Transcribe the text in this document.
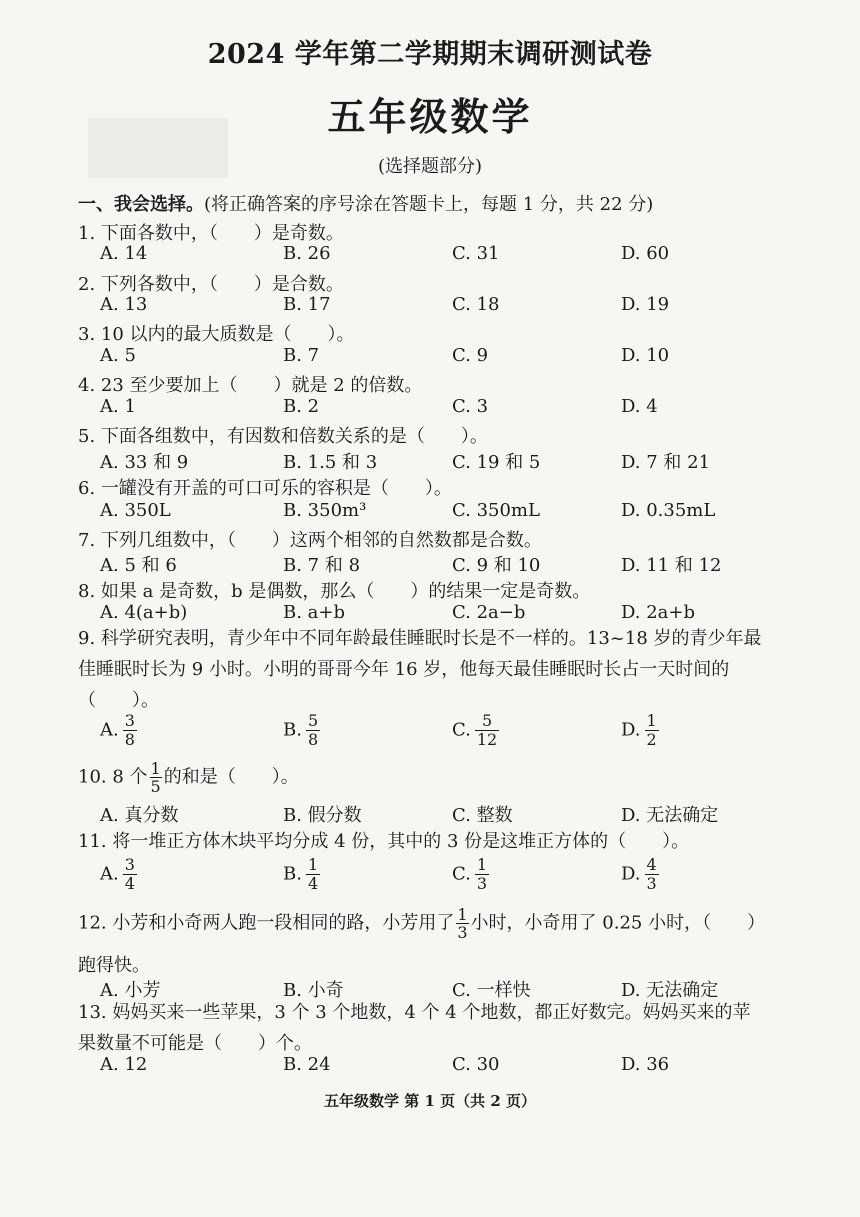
2024 学年第二学期期末调研测试卷
五年级数学
(选择题部分)
一、我会选择。(将正确答案的序号涂在答题卡上，每题 1 分，共 22 分)
1. 下面各数中，（　　）是奇数。
A. 14	B. 26	C. 31	D. 60
2. 下列各数中，（　　）是合数。
A. 13	B. 17	C. 18	D. 19
3. 10 以内的最大质数是（　　）。
A. 5	B. 7	C. 9	D. 10
4. 23 至少要加上（　　）就是 2 的倍数。
A. 1	B. 2	C. 3	D. 4
5. 下面各组数中，有因数和倍数关系的是（　　）。
A. 33 和 9	B. 1.5 和 3	C. 19 和 5	D. 7 和 21
6. 一罐没有开盖的可口可乐的容积是（　　）。
A. 350L	B. 350m³	C. 350mL	D. 0.35mL
7. 下列几组数中，（　　）这两个相邻的自然数都是合数。
A. 5 和 6	B. 7 和 8	C. 9 和 10	D. 11 和 12
8. 如果 a 是奇数，b 是偶数，那么（　　）的结果一定是奇数。
A. 4(a+b)	B. a+b	C. 2a−b	D. 2a+b
9. 科学研究表明，青少年中不同年龄最佳睡眠时长是不一样的。13~18 岁的青少年最佳睡眠时长为 9 小时。小明的哥哥今年 16 岁，他每天最佳睡眠时长占一天时间的（　　）。
A. $\frac{3}{8}$	B. $\frac{5}{8}$	C. $\frac{5}{12}$	D. $\frac{1}{2}$
10. 8 个 $\frac{1}{5}$ 的和是（　　）。
A. 真分数	B. 假分数	C. 整数	D. 无法确定
11. 将一堆正方体木块平均分成 4 份，其中的 3 份是这堆正方体的（　　）。
A. $\frac{3}{4}$	B. $\frac{1}{4}$	C. $\frac{1}{3}$	D. $\frac{4}{3}$
12. 小芳和小奇两人跑一段相同的路，小芳用了 $\frac{1}{3}$ 小时，小奇用了 0.25 小时，（　　）
跑得快。
A. 小芳	B. 小奇	C. 一样快	D. 无法确定
13. 妈妈买来一些苹果，3 个 3 个地数，4 个 4 个地数，都正好数完。妈妈买来的苹果数量不可能是（　　）个。
A. 12	B. 24	C. 30	D. 36
五年级数学 第 1 页（共 2 页）
